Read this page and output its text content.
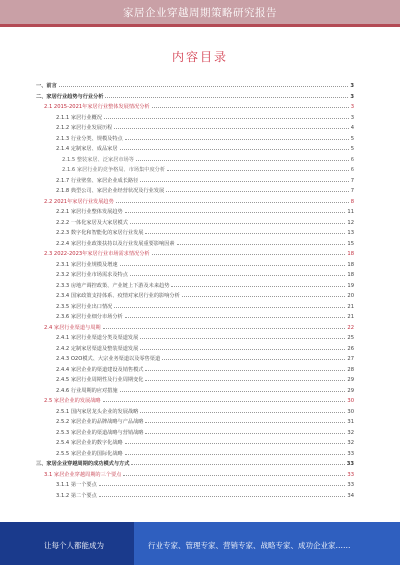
家居企业穿越周期策略研究报告
内容目录
一、前言	3
二、家居行业趋势与行业分析	3
2.1 2015-2021年家居行业整体发展情况分析	3
2.1.1 家居行业概况	3
2.1.2 家居行业发展历程	4
2.1.3 行业分类、规模及特点	5
2.1.4 定制家居、成品家居	5
2.1.5 整装家居、泛家居市场等	6
2.1.6 家居行业的竞争格局、市场集中度分析	6
2.1.7 行业壁垒、家居企业成长路径	7
2.1.8 典型公司、家居企业经营状况及行业发展	7
2.2 2021年家居行业发展趋势	8
2.2.1 家居行业整体发展趋势	11
2.2.2 一体化家居及大家居模式	12
2.2.3 数字化和智能化的家居行业发展	13
2.2.4 家居行业政策扶持以及行业发展重要影响因素	15
2.3 2022-2023年家居行业市场需求情况分析	18
2.3.1 家居行业规模及增速	18
2.3.2 家居行业市场需求及特点	18
2.3.3 房地产调控政策、产业链上下游及未来趋势	19
2.3.4 国家政策支持体系、疫情对家居行业的影响分析	20
2.3.5 家居行业出口情况	21
2.3.6 家居行业细分市场分析	21
2.4 家居行业渠道与周期	22
2.4.1 家居行业渠道分类及渠道发展	25
2.4.2 定制家居渠道及整装渠道发展	26
2.4.3 O2O模式、大宗业务渠道以及零售渠道	27
2.4.4 家居企业的渠道建设及销售模式	28
2.4.5 家居行业周期性及行业周期变化	29
2.4.6 行业周期的应对措施	29
2.5 家居企业的发展战略	30
2.5.1 国内家居龙头企业的发展战略	30
2.5.2 家居企业的品牌战略与产品战略	31
2.5.3 家居企业的渠道战略与营销战略	32
2.5.4 家居企业的数字化战略	32
2.5.5 家居企业的国际化战略	33
三、家居企业穿越周期的成功模式与方式	33
3.1 家居企业穿越周期的三个要点	33
3.1.1 第一个要点	33
3.1.2 第二个要点	34
行业专家、管理专家、营销专家、战略专家、成功企业家……
让每个人都能成为
